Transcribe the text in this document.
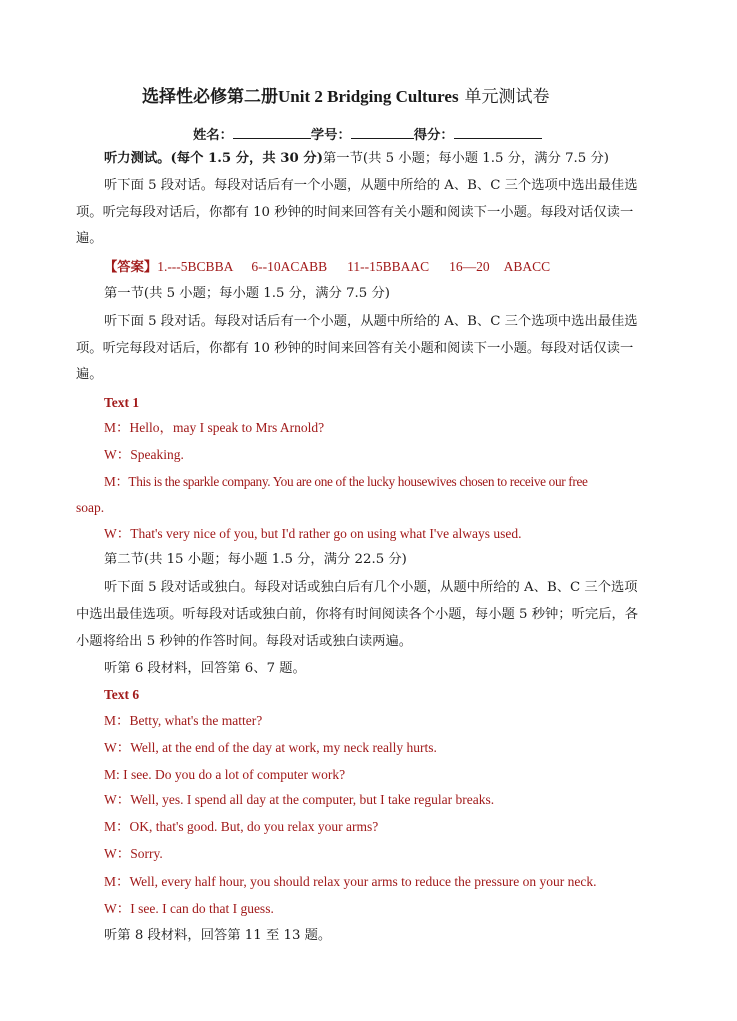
选择性必修第二册Unit 2 Bridging Cultures 单元测试卷
姓名：	学号：	得分：
听力测试。(每个 1.5 分，共 30 分)第一节(共 5 小题；每小题 1.5 分，满分 7.5 分)
听下面 5 段对话。每段对话后有一个小题，从题中所给的 A、B、C 三个选项中选出最佳选
项。听完每段对话后，你都有 10 秒钟的时间来回答有关小题和阅读下一小题。每段对话仅读一
遍。
【答案】1.---5BCBBA 6--10ACABB 11--15BBAAC 16—20 ABACC
第一节(共 5 小题；每小题 1.5 分，满分 7.5 分)
听下面 5 段对话。每段对话后有一个小题，从题中所给的 A、B、C 三个选项中选出最佳选
项。听完每段对话后，你都有 10 秒钟的时间来回答有关小题和阅读下一小题。每段对话仅读一
遍。
Text 1
M：Hello，may I speak to Mrs Arnold?
W：Speaking.
M：This is the sparkle company. You are one of the lucky housewives chosen to receive our free
soap.
W：That's very nice of you, but I'd rather go on using what I've always used.
第二节(共 15 小题；每小题 1.5 分，满分 22.5 分)
听下面 5 段对话或独白。每段对话或独白后有几个小题，从题中所给的 A、B、C 三个选项
中选出最佳选项。听每段对话或独白前，你将有时间阅读各个小题，每小题 5 秒钟；听完后，各
小题将给出 5 秒钟的作答时间。每段对话或独白读两遍。
听第 6 段材料，回答第 6、7 题。
Text 6
M：Betty, what's the matter?
W：Well, at the end of the day at work, my neck really hurts.
M: I see. Do you do a lot of computer work?
W：Well, yes. I spend all day at the computer, but I take regular breaks.
M：OK, that's good. But, do you relax your arms?
W：Sorry.
M：Well, every half hour, you should relax your arms to reduce the pressure on your neck.
W：I see. I can do that I guess.
听第 8 段材料，回答第 11 至 13 题。
